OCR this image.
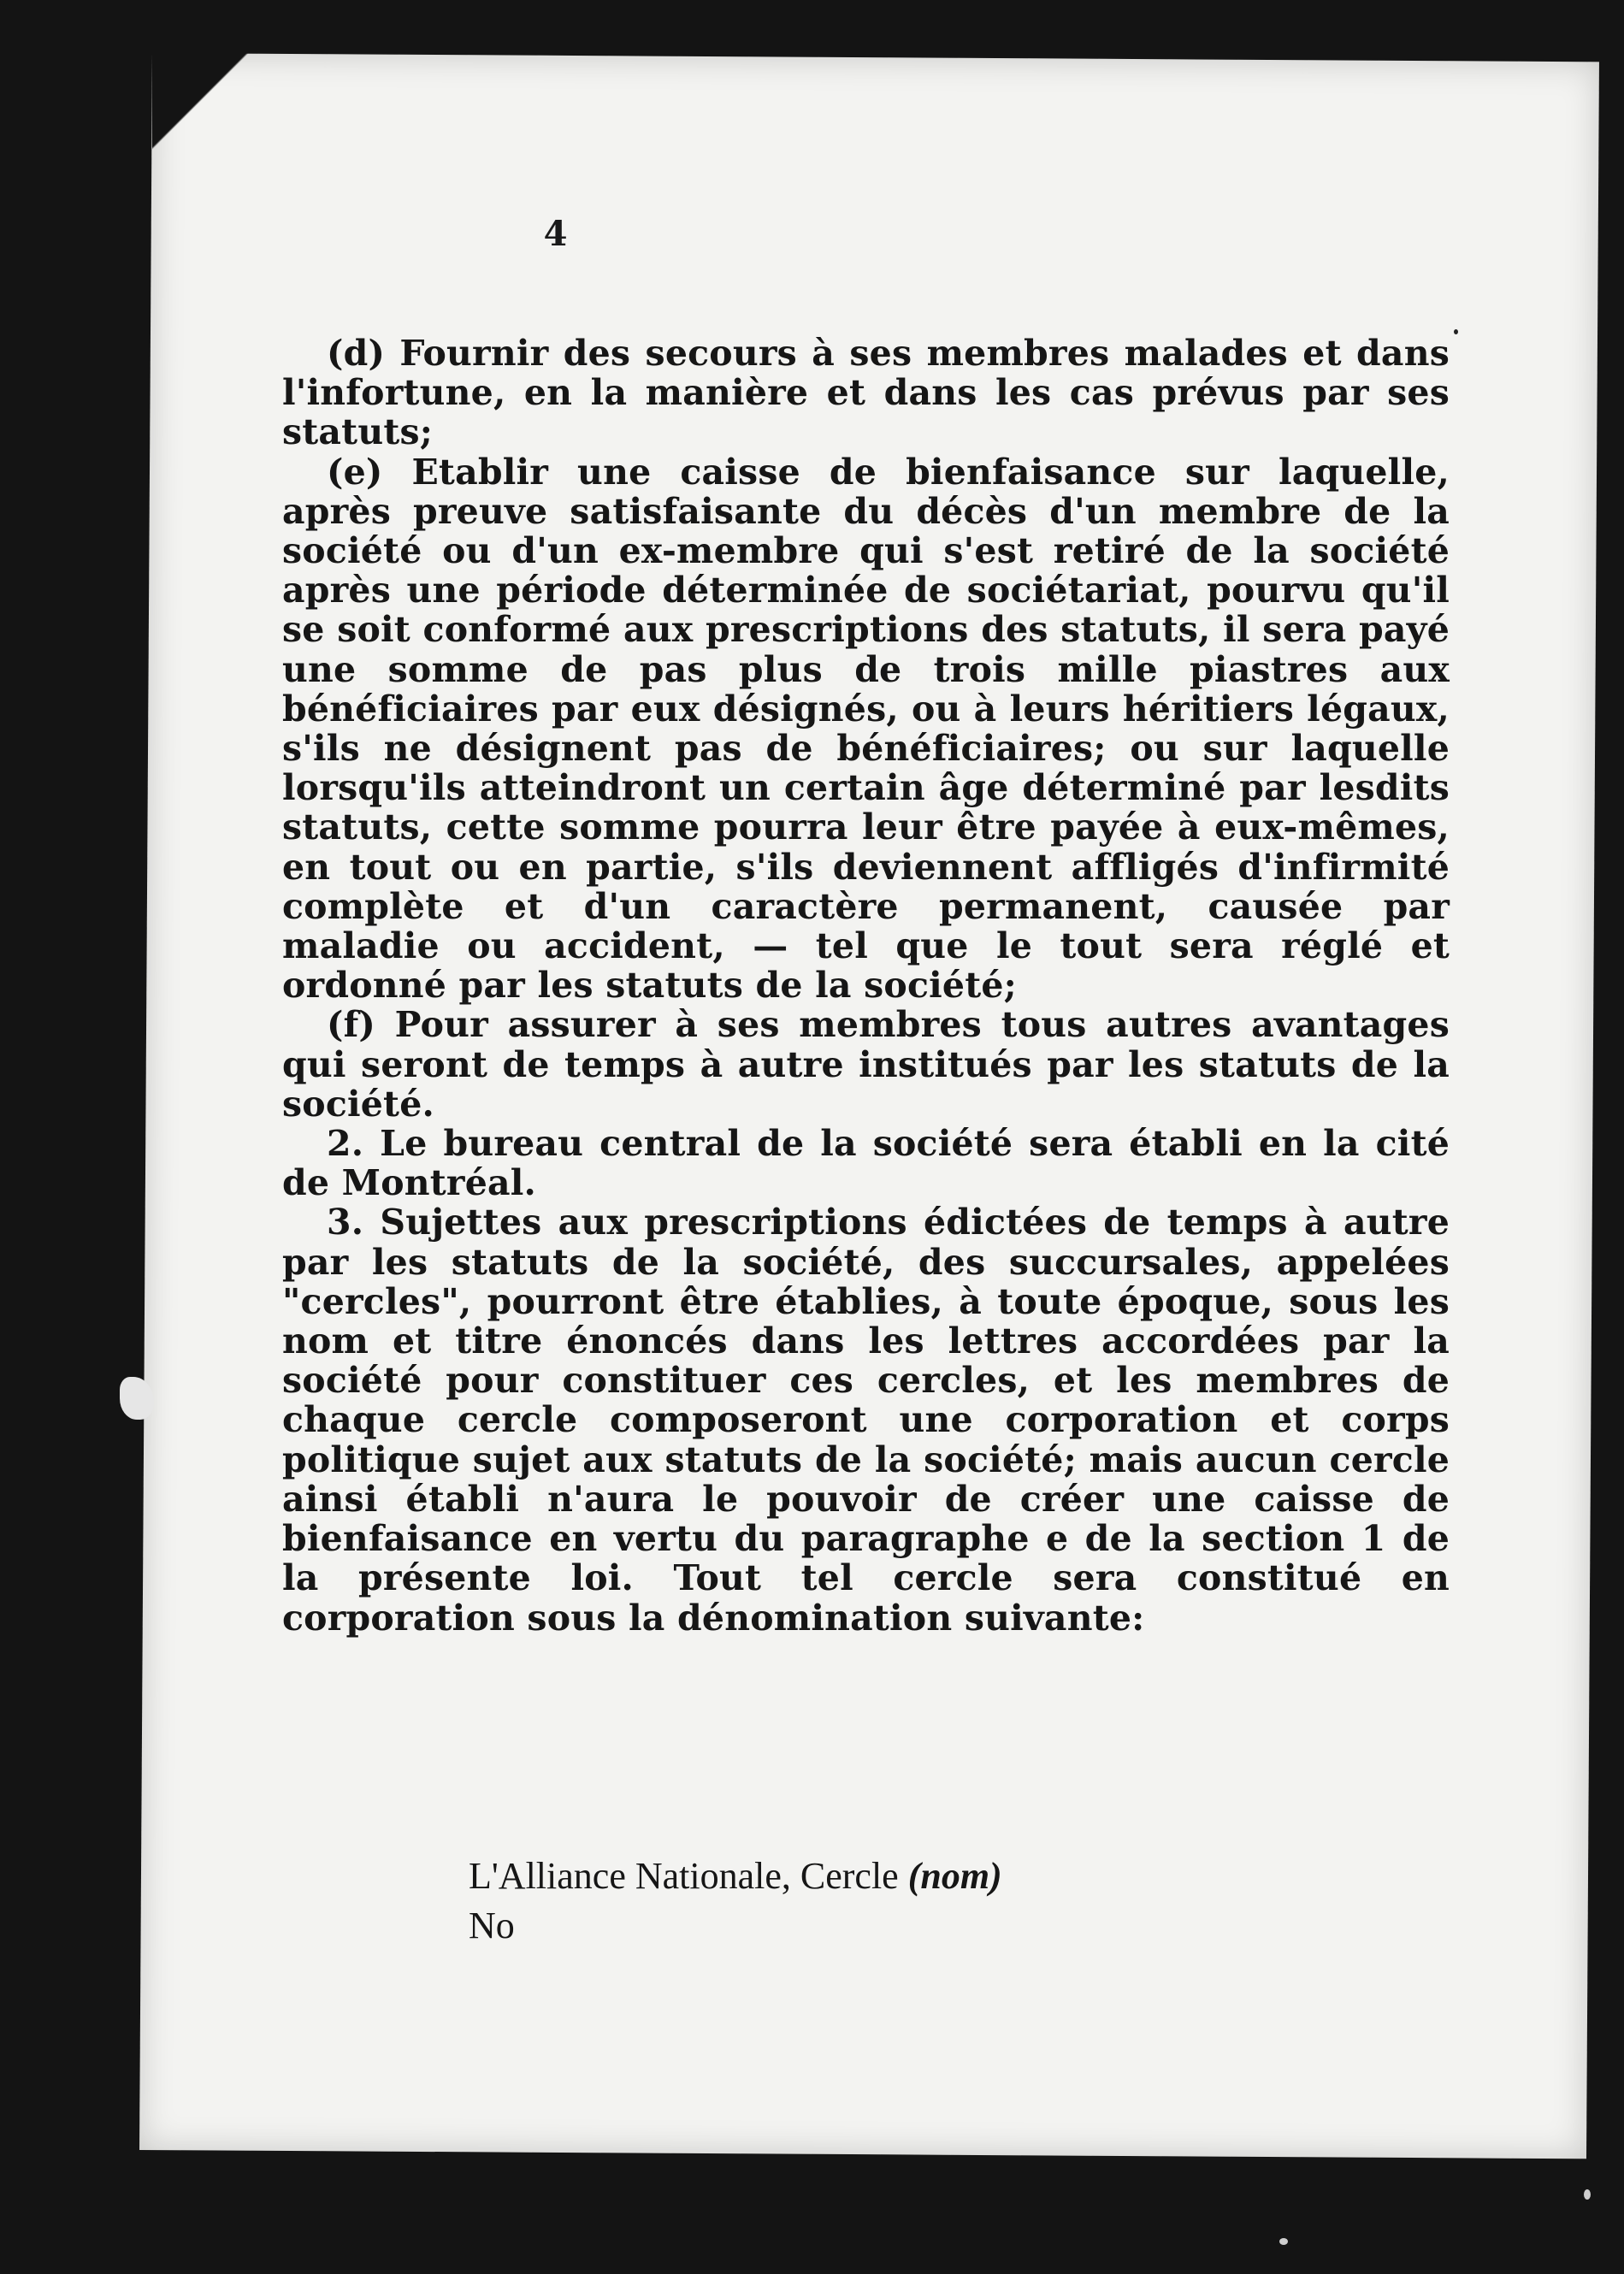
4

(d) Fournir des secours à ses membres malades et dans l'infortune, en la manière et dans les cas prévus par ses statuts;

(e) Etablir une caisse de bienfaisance sur laquelle, après preuve satisfaisante du décès d'un membre de la société ou d'un ex-membre qui s'est retiré de la société après une période déterminée de sociétariat, pourvu qu'il se soit conformé aux prescriptions des statuts, il sera payé une somme de pas plus de trois mille piastres aux bénéficiaires par eux désignés, ou à leurs héritiers légaux, s'ils ne désignent pas de bénéficiaires; ou sur laquelle lorsqu'ils atteindront un certain âge déterminé par lesdits statuts, cette somme pourra leur être payée à eux-mêmes, en tout ou en partie, s'ils deviennent affligés d'infirmité complète et d'un caractère permanent, causée par maladie ou accident, — tel que le tout sera réglé et ordonné par les statuts de la société;

(f) Pour assurer à ses membres tous autres avantages qui seront de temps à autre institués par les statuts de la société.

2. Le bureau central de la société sera établi en la cité de Montréal.

3. Sujettes aux prescriptions édictées de temps à autre par les statuts de la société, des succursales, appelées "cercles", pourront être établies, à toute époque, sous les nom et titre énoncés dans les lettres accordées par la société pour constituer ces cercles, et les membres de chaque cercle composeront une corporation et corps politique sujet aux statuts de la société; mais aucun cercle ainsi établi n'aura le pouvoir de créer une caisse de bienfaisance en vertu du paragraphe e de la section 1 de la présente loi. Tout tel cercle sera constitué en corporation sous la dénomination suivante:

L'Alliance Nationale, Cercle (nom)
No
